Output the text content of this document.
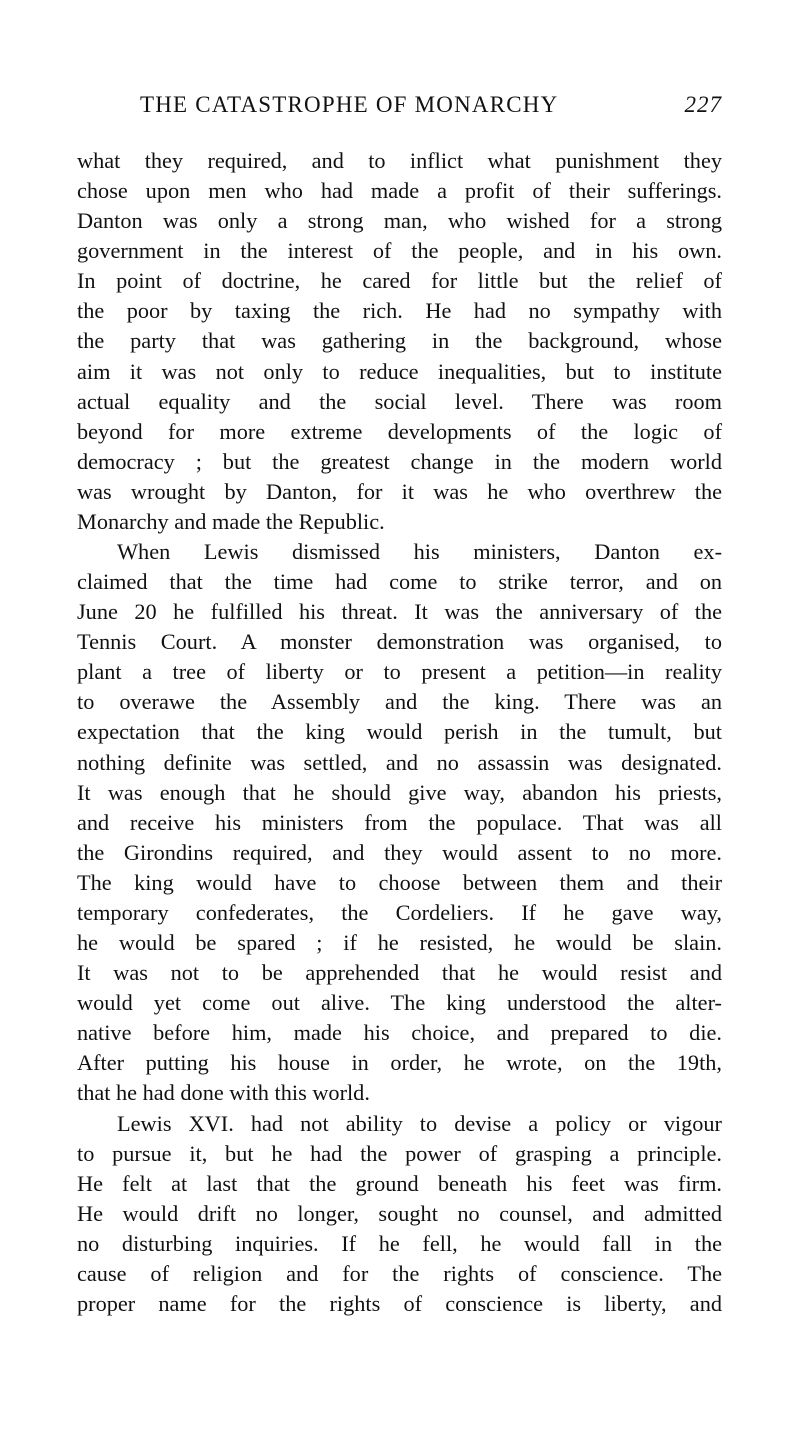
THE CATASTROPHE OF MONARCHY	227
what they required, and to inflict what punishment they
chose upon men who had made a profit of their sufferings.
Danton was only a strong man, who wished for a strong
government in the interest of the people, and in his own.
In point of doctrine, he cared for little but the relief of
the poor by taxing the rich. He had no sympathy with
the party that was gathering in the background, whose
aim it was not only to reduce inequalities, but to institute
actual equality and the social level. There was room
beyond for more extreme developments of the logic of
democracy ; but the greatest change in the modern world
was wrought by Danton, for it was he who overthrew the
Monarchy and made the Republic.
When Lewis dismissed his ministers, Danton ex-
claimed that the time had come to strike terror, and on
June 20 he fulfilled his threat. It was the anniversary of the
Tennis Court. A monster demonstration was organised, to
plant a tree of liberty or to present a petition—in reality
to overawe the Assembly and the king. There was an
expectation that the king would perish in the tumult, but
nothing definite was settled, and no assassin was designated.
It was enough that he should give way, abandon his priests,
and receive his ministers from the populace. That was all
the Girondins required, and they would assent to no more.
The king would have to choose between them and their
temporary confederates, the Cordeliers. If he gave way,
he would be spared ; if he resisted, he would be slain.
It was not to be apprehended that he would resist and
would yet come out alive. The king understood the alter-
native before him, made his choice, and prepared to die.
After putting his house in order, he wrote, on the 19th,
that he had done with this world.
Lewis XVI. had not ability to devise a policy or vigour
to pursue it, but he had the power of grasping a principle.
He felt at last that the ground beneath his feet was firm.
He would drift no longer, sought no counsel, and admitted
no disturbing inquiries. If he fell, he would fall in the
cause of religion and for the rights of conscience. The
proper name for the rights of conscience is liberty, and
